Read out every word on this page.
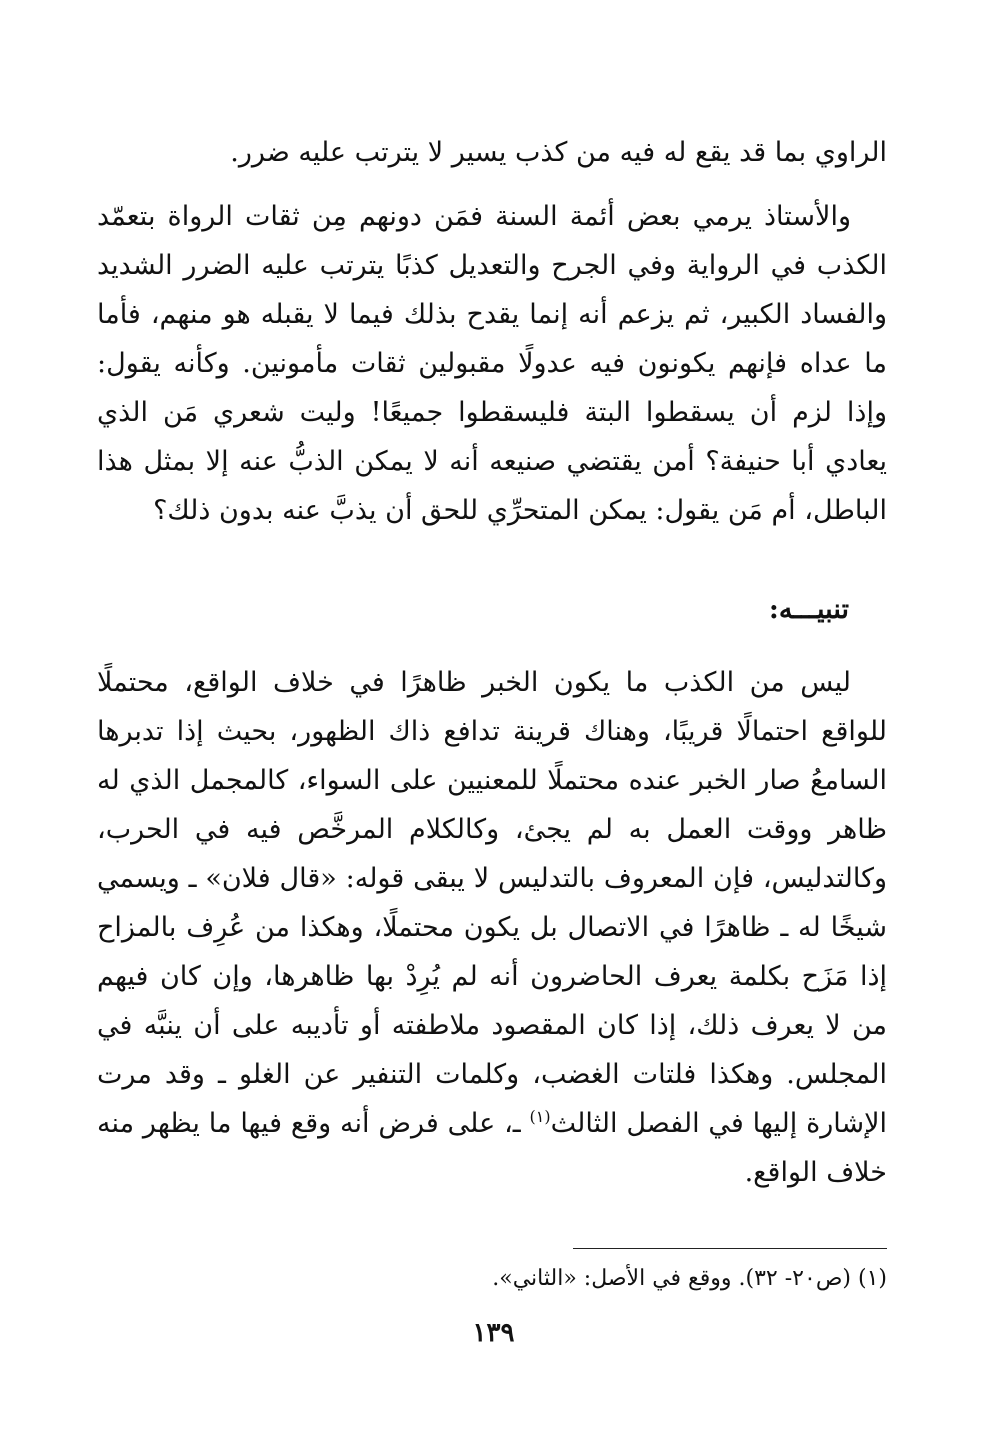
الراوي بما قد يقع له فيه من كذب يسير لا يترتب عليه ضرر.

والأستاذ يرمي بعض أئمة السنة فمَن دونهم مِن ثقات الرواة بتعمّد الكذب في الرواية وفي الجرح والتعديل كذبًا يترتب عليه الضرر الشديد والفساد الكبير، ثم يزعم أنه إنما يقدح بذلك فيما لا يقبله هو منهم، فأما ما عداه فإنهم يكونون فيه عدولًا مقبولين ثقات مأمونين. وكأنه يقول: وإذا لزم أن يسقطوا البتة فليسقطوا جميعًا! وليت شعري مَن الذي يعادي أبا حنيفة؟ أمن يقتضي صنيعه أنه لا يمكن الذبُّ عنه إلا بمثل هذا الباطل، أم مَن يقول: يمكن المتحرِّي للحق أن يذبَّ عنه بدون ذلك؟

تنبيـــه:

ليس من الكذب ما يكون الخبر ظاهرًا في خلاف الواقع، محتملًا للواقع احتمالًا قريبًا، وهناك قرينة تدافع ذاك الظهور، بحيث إذا تدبرها السامعُ صار الخبر عنده محتملًا للمعنيين على السواء، كالمجمل الذي له ظاهر ووقت العمل به لم يجئ، وكالكلام المرخَّص فيه في الحرب، وكالتدليس، فإن المعروف بالتدليس لا يبقى قوله: «قال فلان» ـ ويسمي شيخًا له ـ ظاهرًا في الاتصال بل يكون محتملًا، وهكذا من عُرِف بالمزاح إذا مَزَح بكلمة يعرف الحاضرون أنه لم يُرِدْ بها ظاهرها، وإن كان فيهم من لا يعرف ذلك، إذا كان المقصود ملاطفته أو تأديبه على أن ينبَّه في المجلس. وهكذا فلتات الغضب، وكلمات التنفير عن الغلو ـ وقد مرت الإشارة إليها في الفصل الثالث$^{(١)}$ ـ، على فرض أنه وقع فيها ما يظهر منه خلاف الواقع.

(١) (ص٢٠- ٣٢). ووقع في الأصل: «الثاني».
١٣٩
